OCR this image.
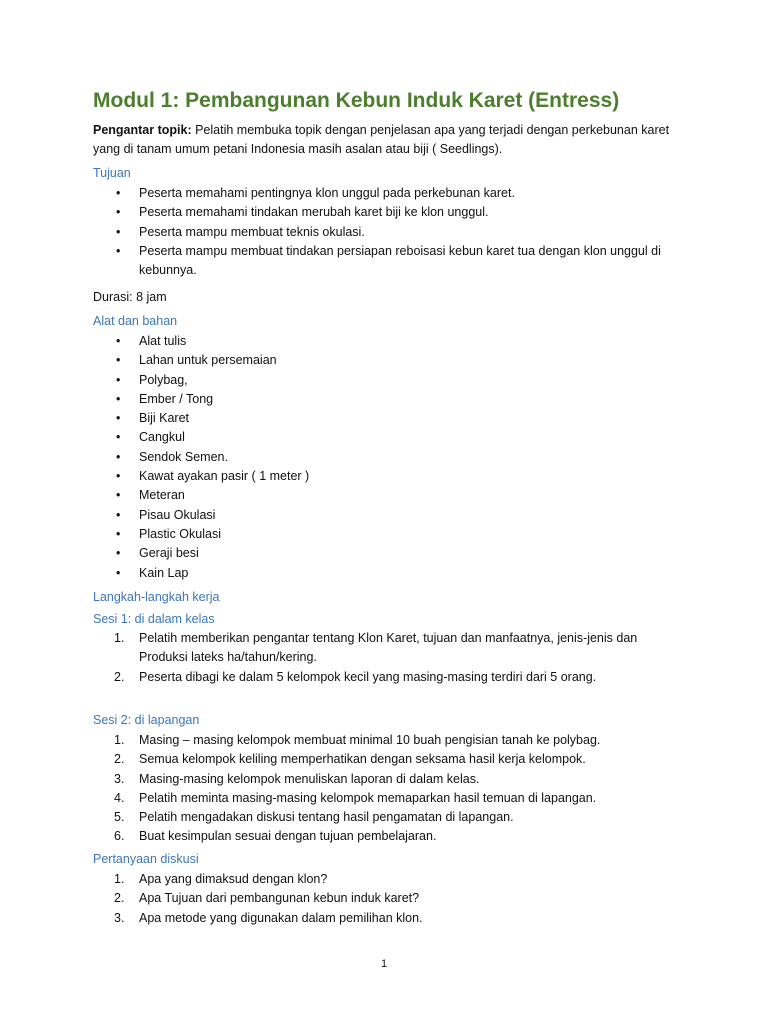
Modul 1: Pembangunan Kebun Induk Karet (Entress)
Pengantar topik: Pelatih membuka topik dengan penjelasan apa yang terjadi dengan perkebunan karet yang di tanam umum petani Indonesia masih asalan atau biji ( Seedlings).
Tujuan
• Peserta memahami pentingnya klon unggul pada perkebunan karet.
• Peserta memahami tindakan merubah karet biji ke klon unggul.
• Peserta mampu membuat teknis okulasi.
• Peserta mampu membuat tindakan persiapan reboisasi kebun karet tua dengan klon unggul di kebunnya.
Durasi: 8 jam
Alat dan bahan
• Alat tulis
• Lahan untuk persemaian
• Polybag,
• Ember / Tong
• Biji Karet
• Cangkul
• Sendok Semen.
• Kawat ayakan pasir ( 1 meter )
• Meteran
• Pisau Okulasi
• Plastic Okulasi
• Geraji besi
• Kain Lap
Langkah-langkah kerja
Sesi 1: di dalam kelas
1. Pelatih memberikan pengantar tentang Klon Karet, tujuan dan manfaatnya, jenis-jenis dan Produksi lateks ha/tahun/kering.
2. Peserta dibagi ke dalam 5 kelompok kecil yang masing-masing terdiri dari 5 orang.
Sesi 2: di lapangan
1. Masing – masing kelompok membuat minimal 10 buah pengisian tanah ke polybag.
2. Semua kelompok keliling memperhatikan dengan seksama hasil kerja kelompok.
3. Masing-masing kelompok menuliskan laporan di dalam kelas.
4. Pelatih meminta masing-masing kelompok memaparkan hasil temuan di lapangan.
5. Pelatih mengadakan diskusi tentang hasil pengamatan di lapangan.
6. Buat kesimpulan sesuai dengan tujuan pembelajaran.
Pertanyaan diskusi
1. Apa yang dimaksud dengan klon?
2. Apa Tujuan dari pembangunan kebun induk karet?
3. Apa metode yang digunakan dalam pemilihan klon.
1
